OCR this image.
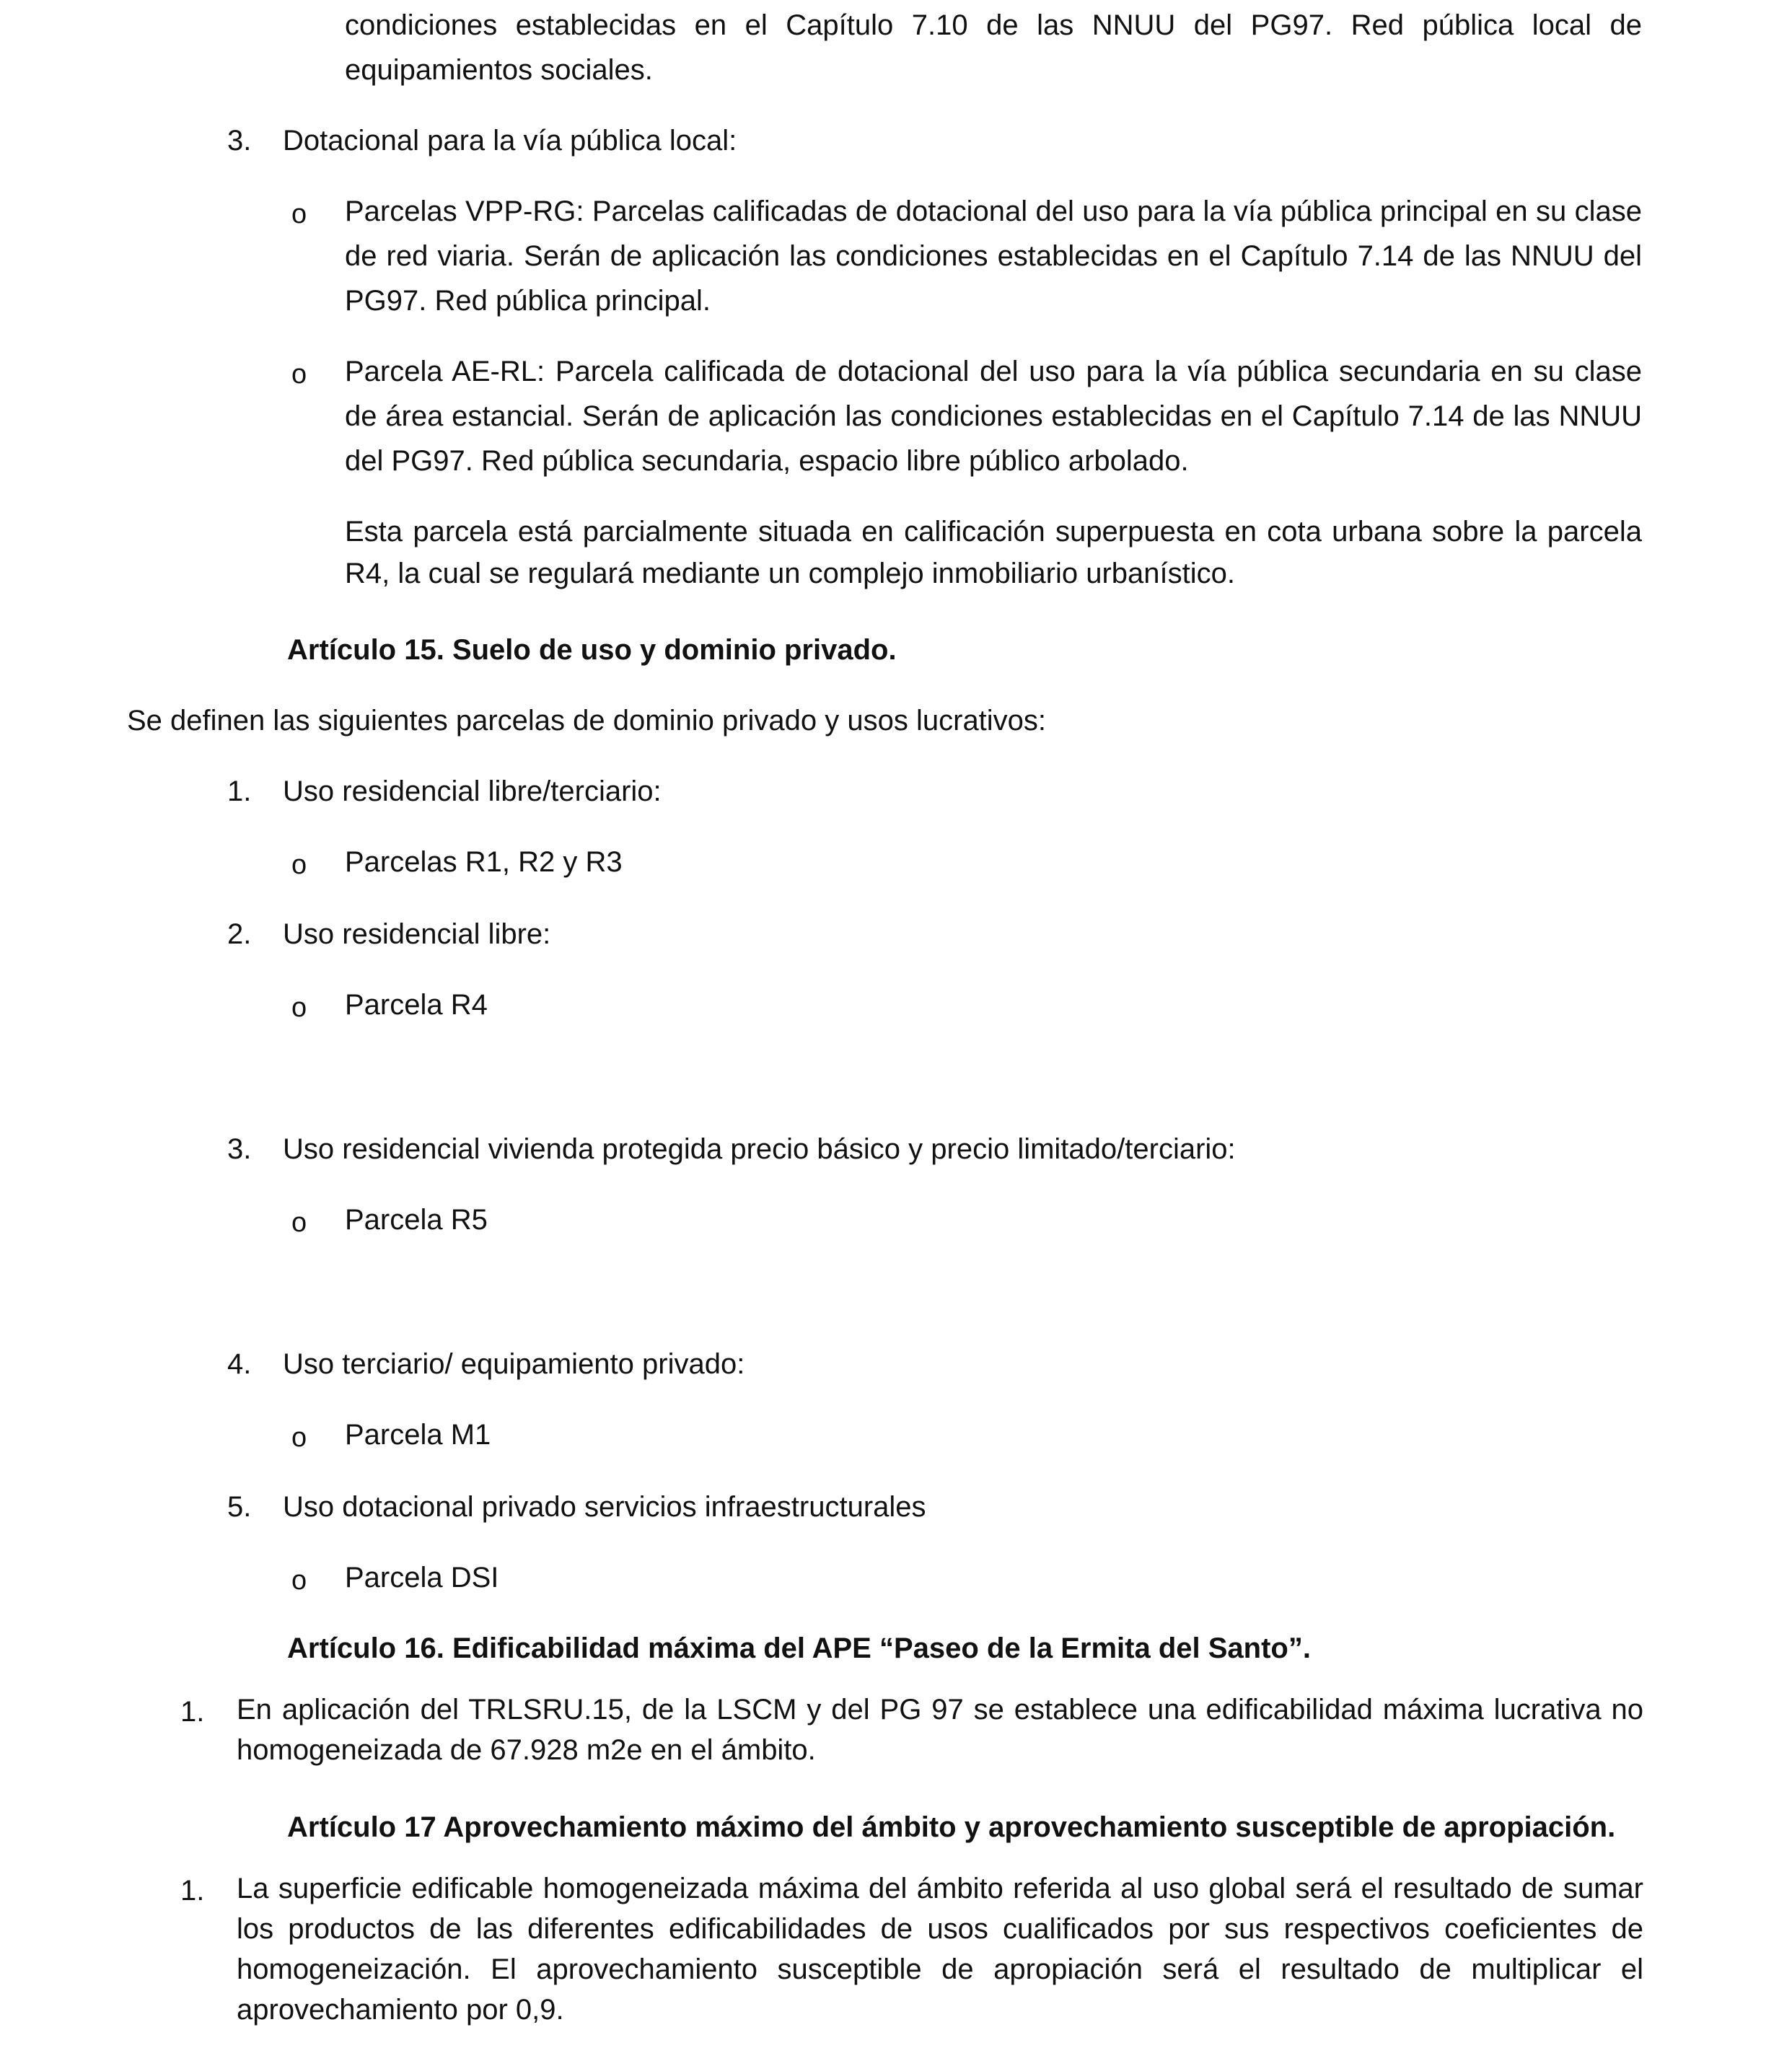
condiciones establecidas en el Capítulo 7.10 de las NNUU del PG97. Red pública local de equipamientos sociales.

3. Dotacional para la vía pública local:
o Parcelas VPP-RG: Parcelas calificadas de dotacional del uso para la vía pública principal en su clase de red viaria. Serán de aplicación las condiciones establecidas en el Capítulo 7.14 de las NNUU del PG97. Red pública principal.

o Parcela AE-RL: Parcela calificada de dotacional del uso para la vía pública secundaria en su clase de área estancial. Serán de aplicación las condiciones establecidas en el Capítulo 7.14 de las NNUU del PG97. Red pública secundaria, espacio libre público arbolado.

Esta parcela está parcialmente situada en calificación superpuesta en cota urbana sobre la parcela R4, la cual se regulará mediante un complejo inmobiliario urbanístico.

Artículo 15. Suelo de uso y dominio privado.

Se definen las siguientes parcelas de dominio privado y usos lucrativos:

1. Uso residencial libre/terciario:
o Parcelas R1, R2 y R3
2. Uso residencial libre:
o Parcela R4
3. Uso residencial vivienda protegida precio básico y precio limitado/terciario:
o Parcela R5
4. Uso terciario/ equipamiento privado:
o Parcela M1
5. Uso dotacional privado servicios infraestructurales
o Parcela DSI
Artículo 16. Edificabilidad máxima del APE “Paseo de la Ermita del Santo”.
1. En aplicación del TRLSRU.15, de la LSCM y del PG 97 se establece una edificabilidad máxima lucrativa no homogeneizada de 67.928 m2e en el ámbito.

Artículo 17 Aprovechamiento máximo del ámbito y aprovechamiento susceptible de apropiación.
1. La superficie edificable homogeneizada máxima del ámbito referida al uso global será el resultado de sumar los productos de las diferentes edificabilidades de usos cualificados por sus respectivos coeficientes de homogeneización. El aprovechamiento susceptible de apropiación será el resultado de multiplicar el aprovechamiento por 0,9.
